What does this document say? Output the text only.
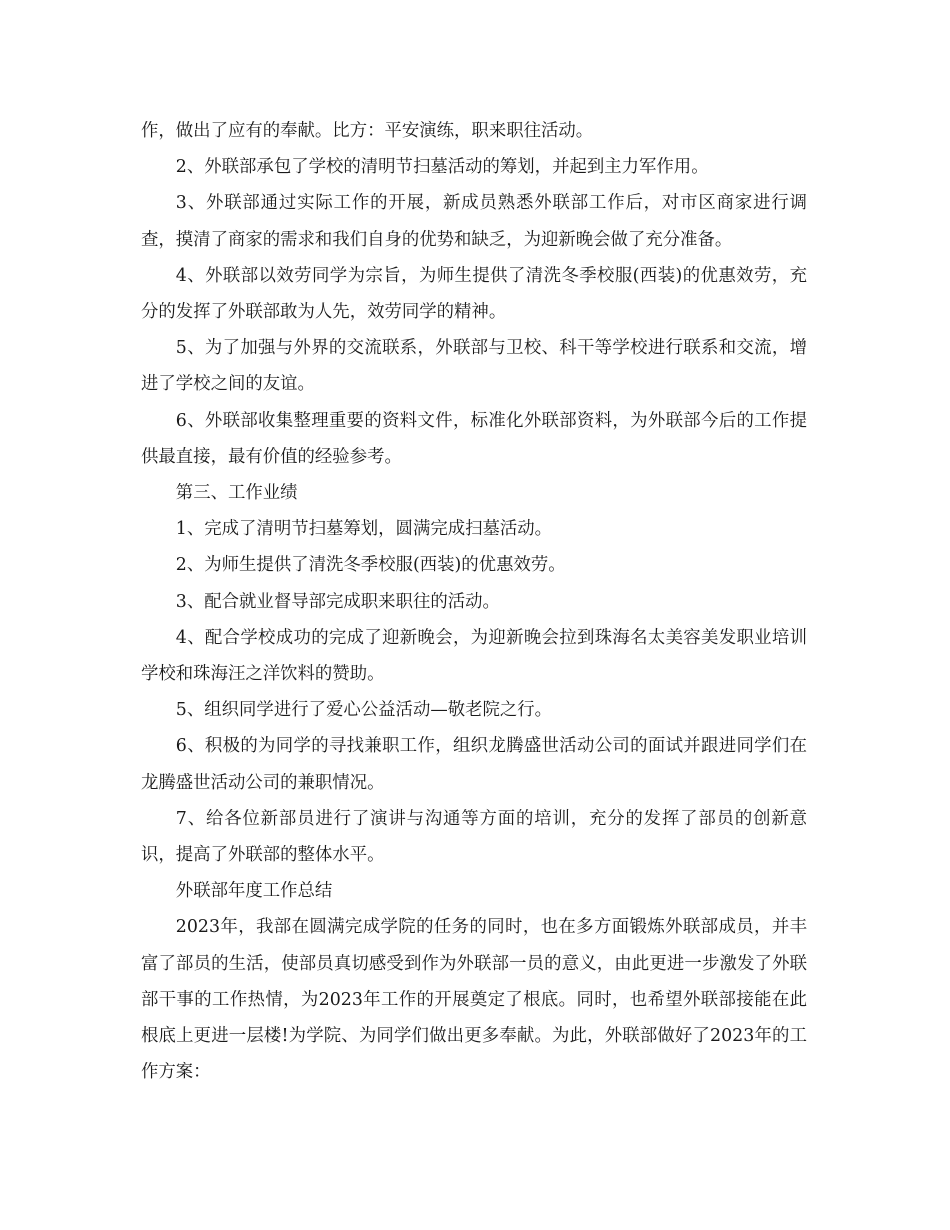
作，做出了应有的奉献。比方：平安演练，职来职往活动。

2、外联部承包了学校的清明节扫墓活动的筹划，并起到主力军作用。

3、外联部通过实际工作的开展，新成员熟悉外联部工作后，对市区商家进行调查，摸清了商家的需求和我们自身的优势和缺乏，为迎新晚会做了充分准备。

4、外联部以效劳同学为宗旨，为师生提供了清洗冬季校服(西装)的优惠效劳，充分的发挥了外联部敢为人先，效劳同学的精神。

5、为了加强与外界的交流联系，外联部与卫校、科干等学校进行联系和交流，增进了学校之间的友谊。

6、外联部收集整理重要的资料文件，标准化外联部资料，为外联部今后的工作提供最直接，最有价值的经验参考。

第三、工作业绩

1、完成了清明节扫墓筹划，圆满完成扫墓活动。

2、为师生提供了清洗冬季校服(西装)的优惠效劳。

3、配合就业督导部完成职来职往的活动。

4、配合学校成功的完成了迎新晚会，为迎新晚会拉到珠海名太美容美发职业培训学校和珠海汪之洋饮料的赞助。

5、组织同学进行了爱心公益活动—敬老院之行。

6、积极的为同学的寻找兼职工作，组织龙腾盛世活动公司的面试并跟进同学们在龙腾盛世活动公司的兼职情况。

7、给各位新部员进行了演讲与沟通等方面的培训，充分的发挥了部员的创新意识，提高了外联部的整体水平。

外联部年度工作总结

2023年，我部在圆满完成学院的任务的同时，也在多方面锻炼外联部成员，并丰富了部员的生活，使部员真切感受到作为外联部一员的意义，由此更进一步激发了外联部干事的工作热情，为2023年工作的开展奠定了根底。同时，也希望外联部接能在此根底上更进一层楼!为学院、为同学们做出更多奉献。为此，外联部做好了2023年的工作方案：
